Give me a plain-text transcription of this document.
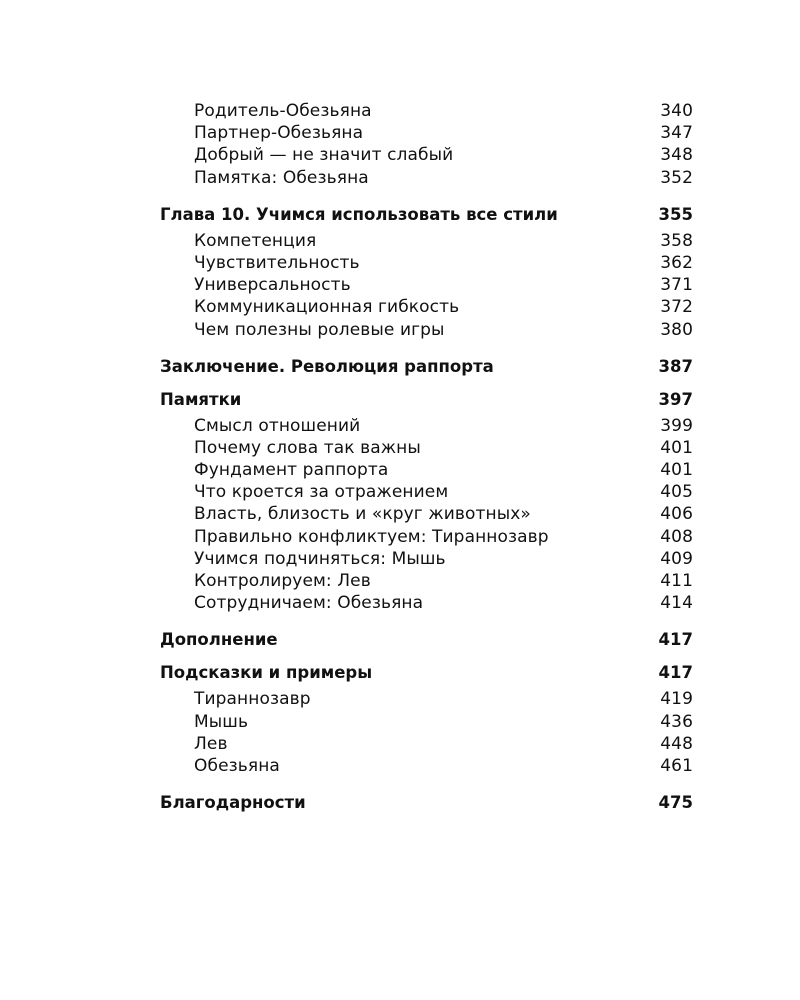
Родитель-Обезьяна	340
Партнер-Обезьяна	347
Добрый — не значит слабый	348
Памятка: Обезьяна	352
Глава 10. Учимся использовать все стили	355
Компетенция	358
Чувствительность	362
Универсальность	371
Коммуникационная гибкость	372
Чем полезны ролевые игры	380
Заключение. Революция раппорта	387
Памятки	397
Смысл отношений	399
Почему слова так важны	401
Фундамент раппорта	401
Что кроется за отражением	405
Власть, близость и «круг животных»	406
Правильно конфликтуем: Тираннозавр	408
Учимся подчиняться: Мышь	409
Контролируем: Лев	411
Сотрудничаем: Обезьяна	414
Дополнение	417
Подсказки и примеры	417
Тираннозавр	419
Мышь	436
Лев	448
Обезьяна	461
Благодарности	475
